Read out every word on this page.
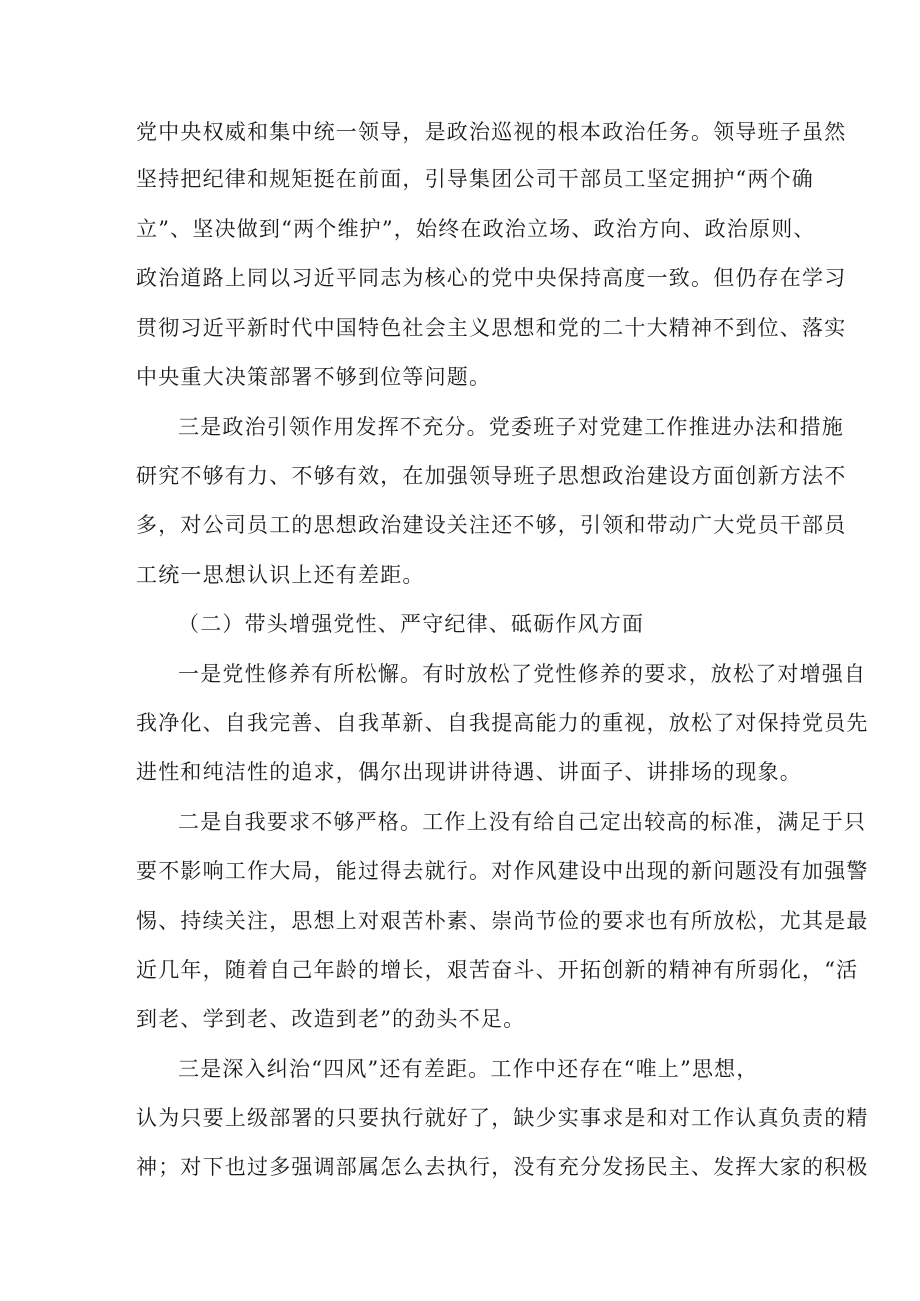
党中央权威和集中统一领导，是政治巡视的根本政治任务。领导班子虽然

坚持把纪律和规矩挺在前面，引导集团公司干部员工坚定拥护“两个确

立”、坚决做到“两个维护”，始终在政治立场、政治方向、政治原则、

政治道路上同以习近平同志为核心的党中央保持高度一致。但仍存在学习

贯彻习近平新时代中国特色社会主义思想和党的二十大精神不到位、落实

中央重大决策部署不够到位等问题。

三是政治引领作用发挥不充分。党委班子对党建工作推进办法和措施

研究不够有力、不够有效，在加强领导班子思想政治建设方面创新方法不

多，对公司员工的思想政治建设关注还不够，引领和带动广大党员干部员

工统一思想认识上还有差距。

（二）带头增强党性、严守纪律、砥砺作风方面

一是党性修养有所松懈。有时放松了党性修养的要求，放松了对增强自

我净化、自我完善、自我革新、自我提高能力的重视，放松了对保持党员先

进性和纯洁性的追求，偶尔出现讲讲待遇、讲面子、讲排场的现象。

二是自我要求不够严格。工作上没有给自己定出较高的标准，满足于只

要不影响工作大局，能过得去就行。对作风建设中出现的新问题没有加强警

惕、持续关注，思想上对艰苦朴素、崇尚节俭的要求也有所放松，尤其是最

近几年，随着自己年龄的增长，艰苦奋斗、开拓创新的精神有所弱化，“活

到老、学到老、改造到老”的劲头不足。

三是深入纠治“四风”还有差距。工作中还存在“唯上”思想，

认为只要上级部署的只要执行就好了，缺少实事求是和对工作认真负责的精

神；对下也过多强调部属怎么去执行，没有充分发扬民主、发挥大家的积极
